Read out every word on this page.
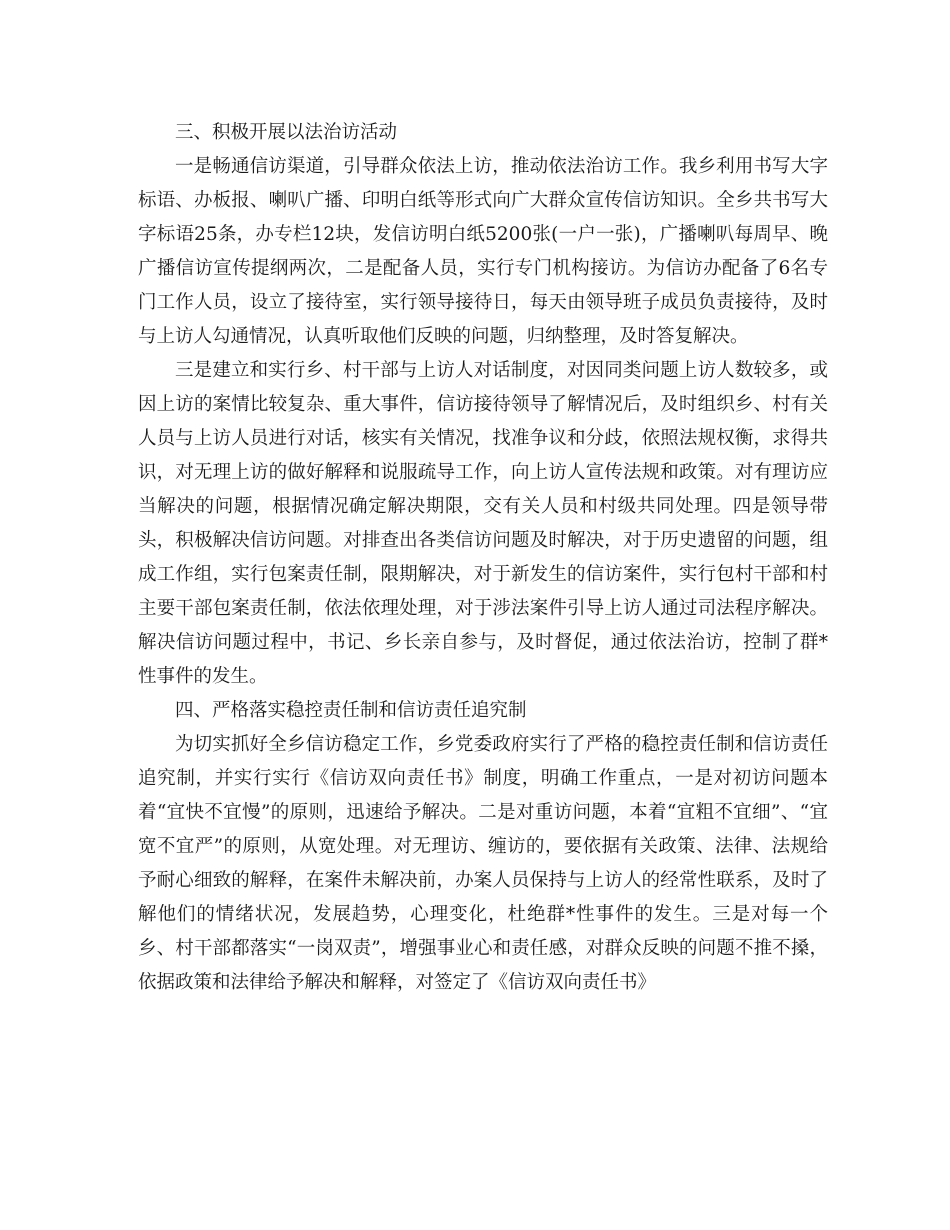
三、积极开展以法治访活动

一是畅通信访渠道，引导群众依法上访，推动依法治访工作。我乡利用书写大字标语、办板报、喇叭广播、印明白纸等形式向广大群众宣传信访知识。全乡共书写大字标语25条，办专栏12块，发信访明白纸5200张(一户一张)，广播喇叭每周早、晚广播信访宣传提纲两次，二是配备人员，实行专门机构接访。为信访办配备了6名专门工作人员，设立了接待室，实行领导接待日，每天由领导班子成员负责接待，及时与上访人勾通情况，认真听取他们反映的问题，归纳整理，及时答复解决。

三是建立和实行乡、村干部与上访人对话制度，对因同类问题上访人数较多，或因上访的案情比较复杂、重大事件，信访接待领导了解情况后，及时组织乡、村有关人员与上访人员进行对话，核实有关情况，找准争议和分歧，依照法规权衡，求得共识，对无理上访的做好解释和说服疏导工作，向上访人宣传法规和政策。对有理访应当解决的问题，根据情况确定解决期限，交有关人员和村级共同处理。四是领导带头，积极解决信访问题。对排查出各类信访问题及时解决，对于历史遗留的问题，组成工作组，实行包案责任制，限期解决，对于新发生的信访案件，实行包村干部和村主要干部包案责任制，依法依理处理，对于涉法案件引导上访人通过司法程序解决。解决信访问题过程中，书记、乡长亲自参与，及时督促，通过依法治访，控制了群*性事件的发生。

四、严格落实稳控责任制和信访责任追究制

为切实抓好全乡信访稳定工作，乡党委政府实行了严格的稳控责任制和信访责任追究制，并实行实行《信访双向责任书》制度，明确工作重点，一是对初访问题本着“宜快不宜慢”的原则，迅速给予解决。二是对重访问题，本着“宜粗不宜细”、“宜宽不宜严”的原则，从宽处理。对无理访、缠访的，要依据有关政策、法律、法规给予耐心细致的解释，在案件未解决前，办案人员保持与上访人的经常性联系，及时了解他们的情绪状况，发展趋势，心理变化，杜绝群*性事件的发生。三是对每一个乡、村干部都落实“一岗双责”，增强事业心和责任感，对群众反映的问题不推不搡，依据政策和法律给予解决和解释，对签定了《信访双向责任书》
